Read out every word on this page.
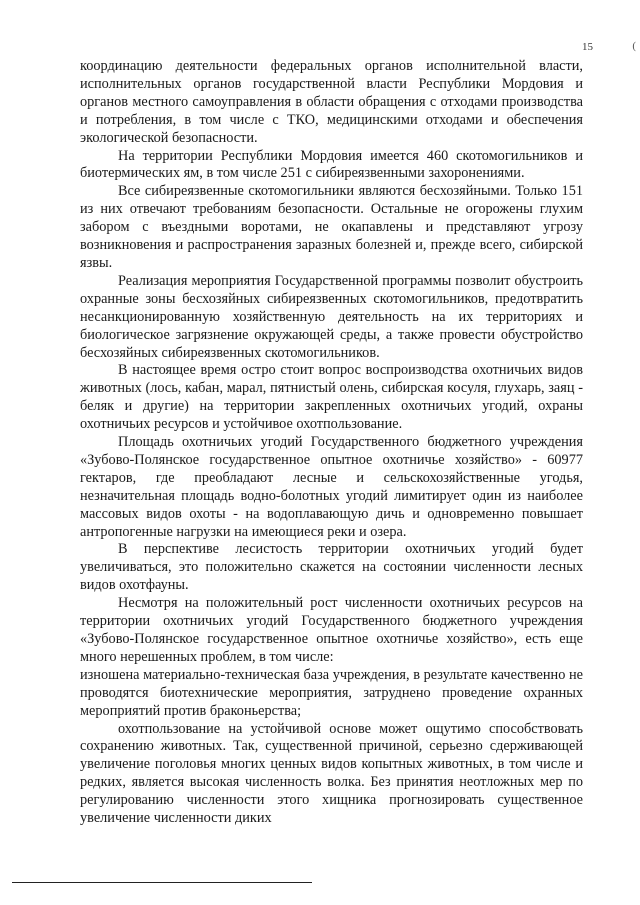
15	(

координацию деятельности федеральных органов исполнительной власти, исполнительных органов государственной власти Республики Мордовия и органов местного самоуправления в области обращения с отходами производства и потребления, в том числе с ТКО, медицинскими отходами и обеспечения экологической безопасности.

На территории Республики Мордовия имеется 460 скотомогильников и биотермических ям, в том числе 251 с сибиреязвенными захоронениями.

Все сибиреязвенные скотомогильники являются бесхозяйными. Только 151 из них отвечают требованиям безопасности. Остальные не огорожены глухим забором с въездными воротами, не окапавлены и представляют угрозу возникновения и распространения заразных болезней и, прежде всего, сибирской язвы.

Реализация мероприятия Государственной программы позволит обустроить охранные зоны бесхозяйных сибиреязвенных скотомогильников, предотвратить несанкционированную хозяйственную деятельность на их территориях и биологическое загрязнение окружающей среды, а также провести обустройство бесхозяйных сибиреязвенных скотомогильников.

В настоящее время остро стоит вопрос воспроизводства охотничьих видов животных (лось, кабан, марал, пятнистый олень, сибирская косуля, глухарь, заяц - беляк и другие) на территории закрепленных охотничьих угодий, охраны охотничьих ресурсов и устойчивое охотпользование.

Площадь охотничьих угодий Государственного бюджетного учреждения «Зубово-Полянское государственное опытное охотничье хозяйство» - 60977 гектаров, где преобладают лесные и сельскохозяйственные угодья, незначительная площадь водно-болотных угодий лимитирует один из наиболее массовых видов охоты - на водоплавающую дичь и одновременно повышает антропогенные нагрузки на имеющиеся реки и озера.

В перспективе лесистость территории охотничьих угодий будет увеличиваться, это положительно скажется на состоянии численности лесных видов охотфауны.

Несмотря на положительный рост численности охотничьих ресурсов на территории охотничьих угодий Государственного бюджетного учреждения «Зубово-Полянское государственное опытное охотничье хозяйство», есть еще много нерешенных проблем, в том числе:

изношена материально-техническая база учреждения, в результате качественно не проводятся биотехнические мероприятия, затруднено проведение охранных мероприятий против браконьерства;

охотпользование на устойчивой основе может ощутимо способствовать сохранению животных. Так, существенной причиной, серьезно сдерживающей увеличение поголовья многих ценных видов копытных животных, в том числе и редких, является высокая численность волка. Без принятия неотложных мер по регулированию численности этого хищника прогнозировать существенное увеличение численности диких
